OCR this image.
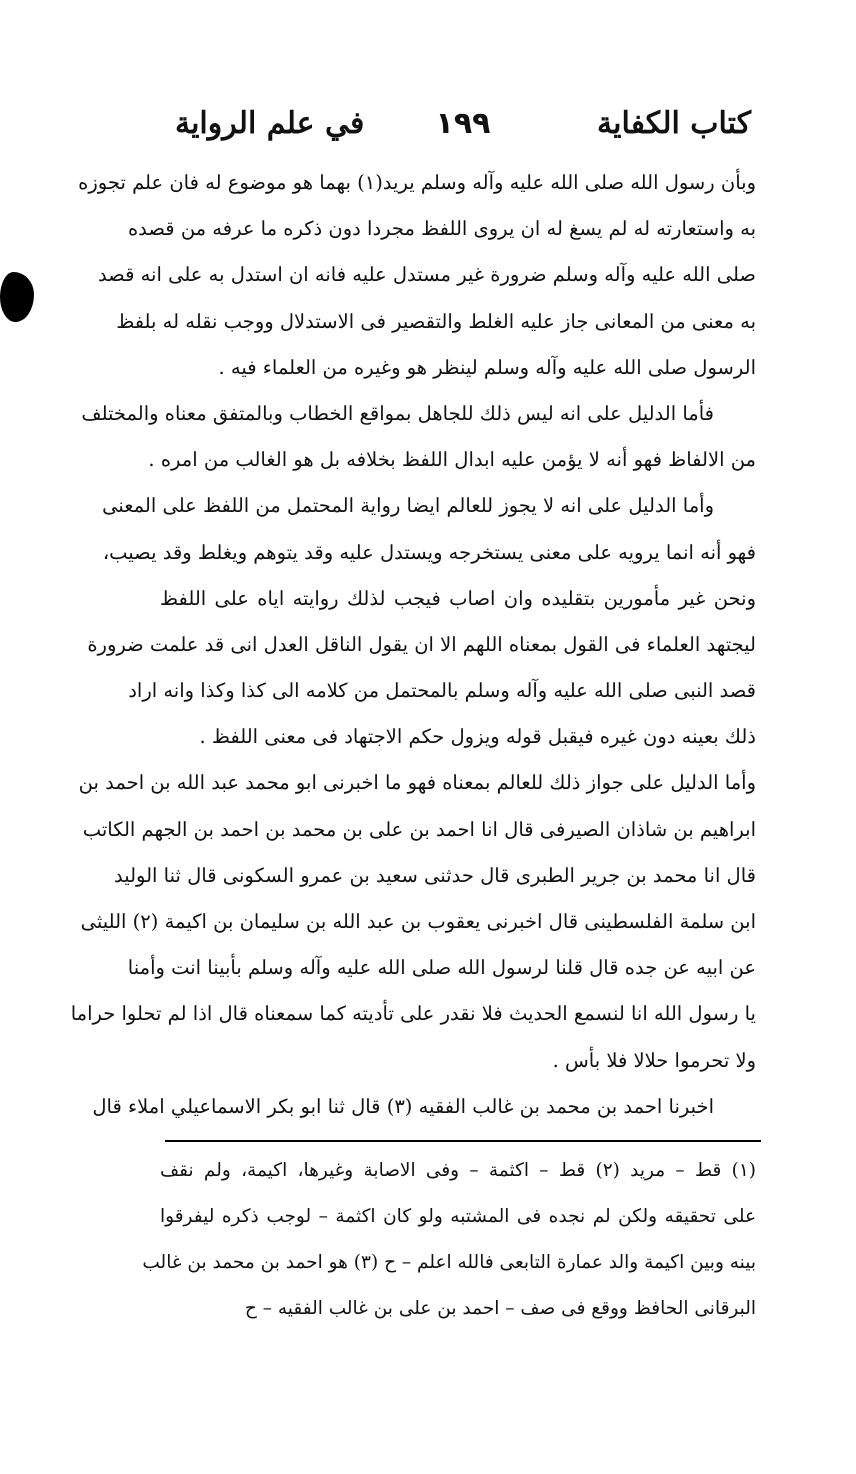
كتاب الكفاية
١٩٩
في علم الرواية
وبأن رسول الله صلى الله عليه وآله وسلم يريد(١) بهما هو موضوع له فان علم تجوزه
به واستعارته له لم يسغ له ان يروى اللفظ مجردا دون ذكره ما عرفه من قصده
صلى الله عليه وآله وسلم ضرورة غير مستدل عليه فانه ان استدل به على انه قصد
به معنى من المعانى جاز عليه الغلط والتقصير فى الاستدلال ووجب نقله له بلفظ
الرسول صلى الله عليه وآله وسلم لينظر هو وغيره من العلماء فيه .
فأما الدليل على انه ليس ذلك للجاهل بمواقع الخطاب وبالمتفق معناه والمختلف
من الالفاظ فهو أنه لا يؤمن عليه ابدال اللفظ بخلافه بل هو الغالب من امره .
وأما الدليل على انه لا يجوز للعالم ايضا رواية المحتمل من اللفظ على المعنى
فهو أنه انما يرويه على معنى يستخرجه ويستدل عليه وقد يتوهم ويغلط وقد يصيب،
ونحن غير مأمورين بتقليده وان اصاب فيجب لذلك روايته اياه على اللفظ
ليجتهد العلماء فى القول بمعناه اللهم الا ان يقول الناقل العدل انى قد علمت ضرورة
قصد النبى صلى الله عليه وآله وسلم بالمحتمل من كلامه الى كذا وكذا وانه اراد
ذلك بعينه دون غيره فيقبل قوله ويزول حكم الاجتهاد فى معنى اللفظ .
وأما الدليل على جواز ذلك للعالم بمعناه فهو ما اخبرنى ابو محمد عبد الله بن احمد بن
ابراهيم بن شاذان الصيرفى قال انا احمد بن على بن محمد بن احمد بن الجهم الكاتب
قال انا محمد بن جرير الطبرى قال حدثنى سعيد بن عمرو السكونى قال ثنا الوليد
ابن سلمة الفلسطينى قال اخبرنى يعقوب بن عبد الله بن سليمان بن اكيمة (٢) الليثى
عن ابيه عن جده قال قلنا لرسول الله صلى الله عليه وآله وسلم بأبينا انت وأمنا
يا رسول الله انا لنسمع الحديث فلا نقدر على تأديته كما سمعناه قال اذا لم تحلوا حراما
ولا تحرموا حلالا فلا بأس .
اخبرنا احمد بن محمد بن غالب الفقيه (٣) قال ثنا ابو بكر الاسماعيلي املاء قال
(١) قط – مريد (٢) قط – اكثمة – وفى الاصابة وغيرها، اكيمة، ولم نقف
على تحقيقه ولكن لم نجده فى المشتبه ولو كان اكثمة – لوجب ذكره ليفرقوا
بينه وبين اكيمة والد عمارة التابعى فالله اعلم – ح (٣) هو احمد بن محمد بن غالب
البرقانى الحافظ ووقع فى صف – احمد بن على بن غالب الفقيه – ح
